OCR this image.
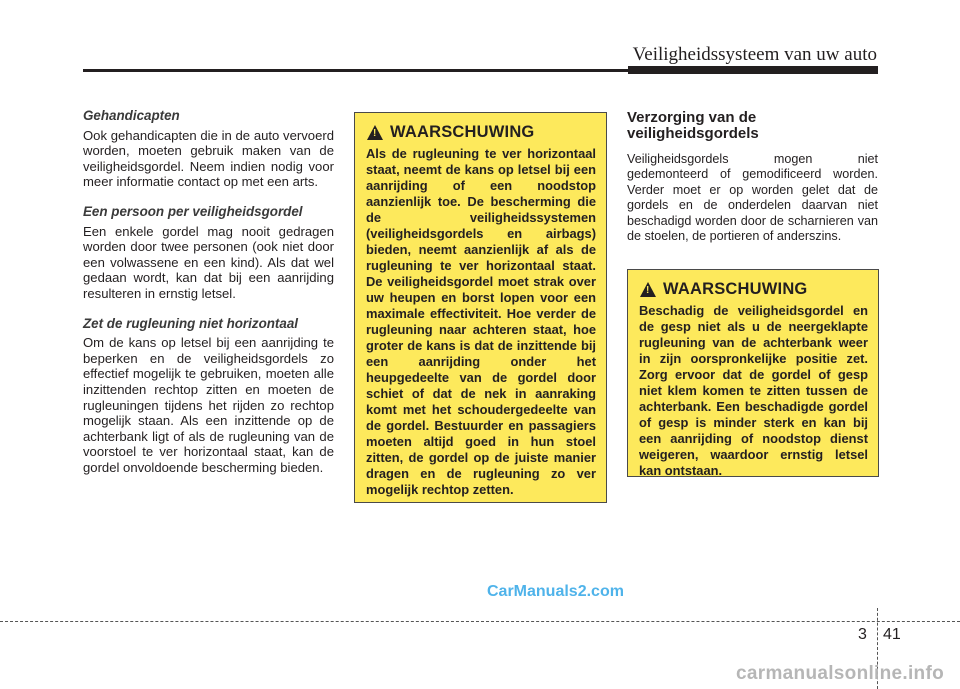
Veiligheidssysteem van uw auto
Gehandicapten

Ook gehandicapten die in de auto vervoerd worden, moeten gebruik maken van de veiligheidsgordel. Neem indien nodig voor meer informatie contact op met een arts.

Een persoon per veiligheidsgordel

Een enkele gordel mag nooit gedragen worden door twee personen (ook niet door een volwassene en een kind). Als dat wel gedaan wordt, kan dat bij een aanrijding resulteren in ernstig letsel.

Zet de rugleuning niet horizontaal

Om de kans op letsel bij een aanrijding te beperken en de veiligheidsgordels zo effectief mogelijk te gebruiken, moeten alle inzittenden rechtop zitten en moeten de rugleuningen tijdens het rijden zo rechtop mogelijk staan. Als een inzittende op de achterbank ligt of als de rugleuning van de voorstoel te ver horizontaal staat, kan de gordel onvoldoende bescherming bieden.

! WAARSCHUWING
Als de rugleuning te ver horizontaal staat, neemt de kans op letsel bij een aanrijding of een noodstop aanzienlijk toe. De bescherming die de veiligheidssystemen (veiligheidsgordels en airbags) bieden, neemt aanzienlijk af als de rugleuning te ver horizontaal staat. De veiligheidsgordel moet strak over uw heupen en borst lopen voor een maximale effectiviteit. Hoe verder de rugleuning naar achteren staat, hoe groter de kans is dat de inzittende bij een aanrijding onder het heupgedeelte van de gordel door schiet of dat de nek in aanraking komt met het schoudergedeelte van de gordel. Bestuurder en passagiers moeten altijd goed in hun stoel zitten, de gordel op de juiste manier dragen en de rugleuning zo ver mogelijk rechtop zetten.
Verzorging van de veiligheidsgordels

Veiligheidsgordels mogen niet gedemonteerd of gemodificeerd worden. Verder moet er op worden gelet dat de gordels en de onderdelen daarvan niet beschadigd worden door de scharnieren van de stoelen, de portieren of anderszins.

! WAARSCHUWING
Beschadig de veiligheidsgordel en de gesp niet als u de neergeklapte rugleuning van de achterbank weer in zijn oorspronkelijke positie zet. Zorg ervoor dat de gordel of gesp niet klem komen te zitten tussen de achterbank. Een beschadigde gordel of gesp is minder sterk en kan bij een aanrijding of noodstop dienst weigeren, waardoor ernstig letsel kan ontstaan.
CarManuals2.com
3 41
carmanualsonline.info
